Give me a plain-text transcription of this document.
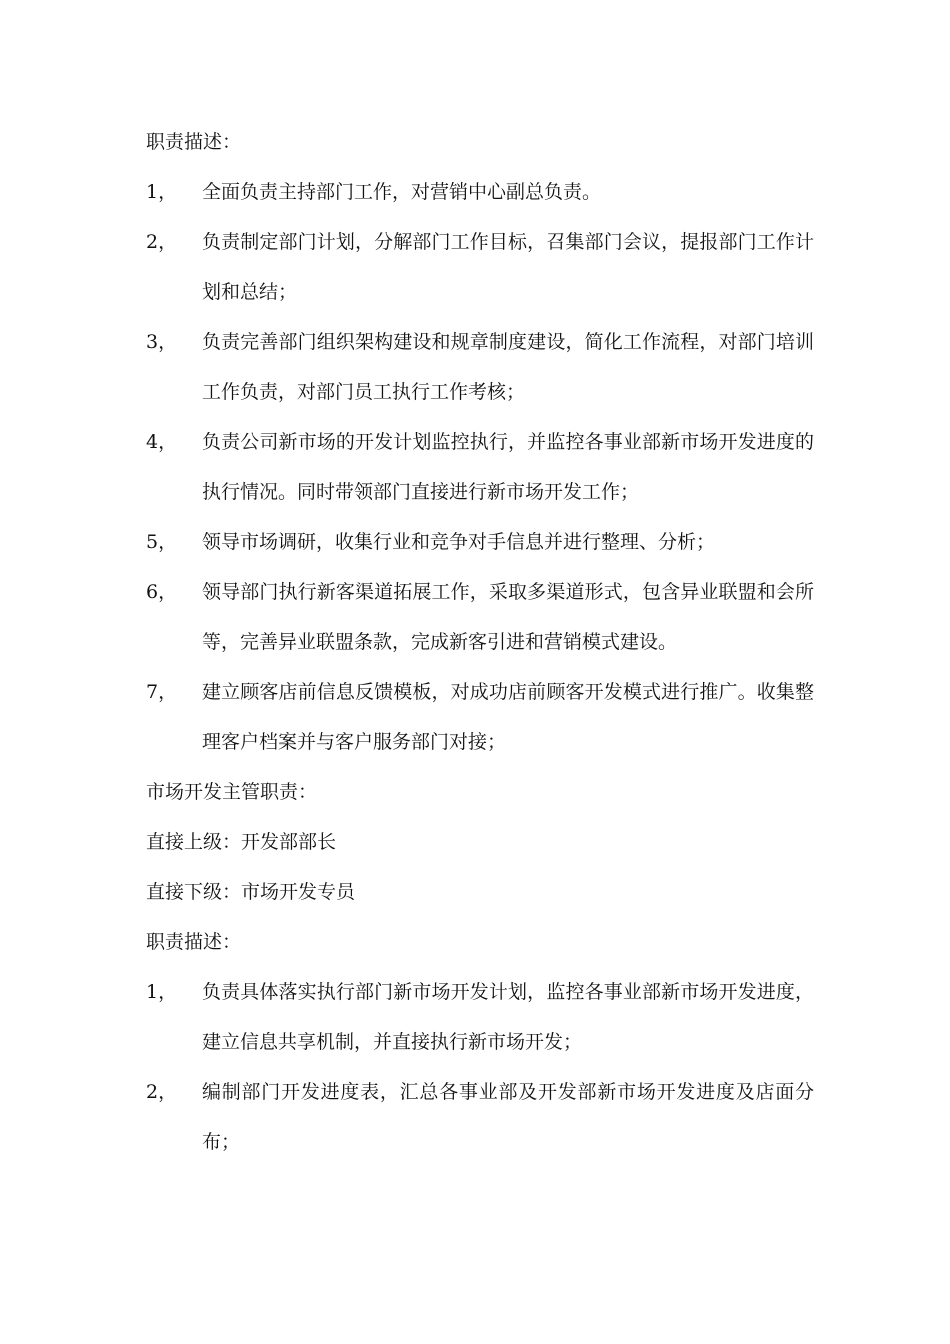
职责描述：
1，	全面负责主持部门工作，对营销中心副总负责。
2，	负责制定部门计划，分解部门工作目标，召集部门会议，提报部门工作计划和总结；
3，	负责完善部门组织架构建设和规章制度建设，简化工作流程，对部门培训工作负责，对部门员工执行工作考核；
4，	负责公司新市场的开发计划监控执行，并监控各事业部新市场开发进度的执行情况。同时带领部门直接进行新市场开发工作；
5，	领导市场调研，收集行业和竞争对手信息并进行整理、分析；
6，	领导部门执行新客渠道拓展工作，采取多渠道形式，包含异业联盟和会所等，完善异业联盟条款，完成新客引进和营销模式建设。
7，	建立顾客店前信息反馈模板，对成功店前顾客开发模式进行推广。收集整理客户档案并与客户服务部门对接；
市场开发主管职责：
直接上级：开发部部长
直接下级：市场开发专员
职责描述：
1，	负责具体落实执行部门新市场开发计划，监控各事业部新市场开发进度，建立信息共享机制，并直接执行新市场开发；
2，	编制部门开发进度表，汇总各事业部及开发部新市场开发进度及店面分布；
